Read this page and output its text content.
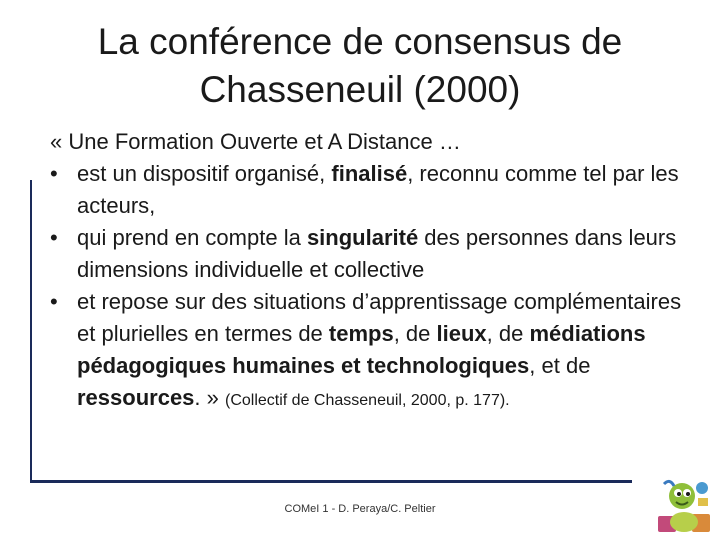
La conférence de consensus de
Chasseneuil (2000)

« Une Formation Ouverte et A Distance …

• est un dispositif organisé, finalisé, reconnu comme tel par les acteurs,

• qui prend en compte la singularité des personnes dans leurs dimensions individuelle et collective

• et repose sur des situations d’apprentissage complémentaires et plurielles en termes de temps, de lieux, de médiations pédagogiques humaines et technologiques, et de ressources. » (Collectif de Chasseneuil, 2000, p. 177).

COMeI 1 - D. Peraya/C. Peltier
